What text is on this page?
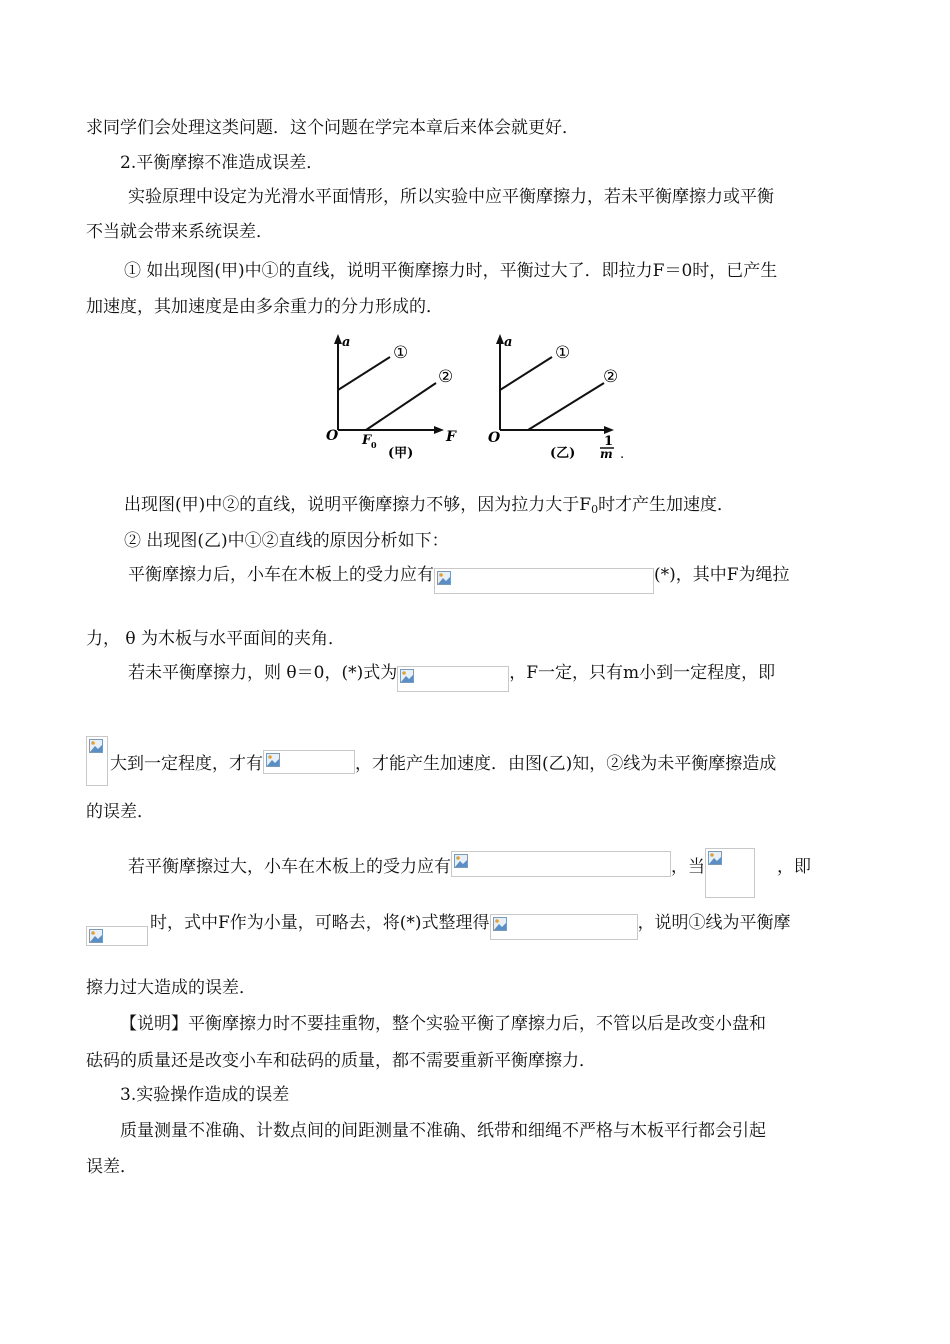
求同学们会处理这类问题．这个问题在学完本章后来体会就更好．
2.平衡摩擦不准造成误差．
实验原理中设定为光滑水平面情形，所以实验中应平衡摩擦力，若未平衡摩擦力或平衡
不当就会带来系统误差．
① 如出现图(甲)中①的直线，说明平衡摩擦力时，平衡过大了．即拉力F＝0时，已产生
加速度，其加速度是由多余重力的分力形成的．
a
O	F
F 0
①
②
(甲)
a
O	1
m .
①
②
(乙)
出现图(甲)中②的直线，说明平衡摩擦力不够，因为拉力大于F0时才产生加速度．
② 出现图(乙)中①②直线的原因分析如下：
平衡摩擦力后，小车在木板上的受力应有	(*)，其中F为绳拉
力， θ 为木板与水平面间的夹角．
若未平衡摩擦力，则 θ＝0，(*)式为	，F一定，只有m小到一定程度，即
大到一定程度，才有	，才能产生加速度．由图(乙)知，②线为未平衡摩擦造成
的误差．
若平衡摩擦过大，小车在木板上的受力应有	，当	，即
时，式中F作为小量，可略去，将(*)式整理得	，说明①线为平衡摩
擦力过大造成的误差．
【说明】平衡摩擦力时不要挂重物，整个实验平衡了摩擦力后，不管以后是改变小盘和
砝码的质量还是改变小车和砝码的质量，都不需要重新平衡摩擦力．
3.实验操作造成的误差
质量测量不准确、计数点间的间距测量不准确、纸带和细绳不严格与木板平行都会引起
误差．
